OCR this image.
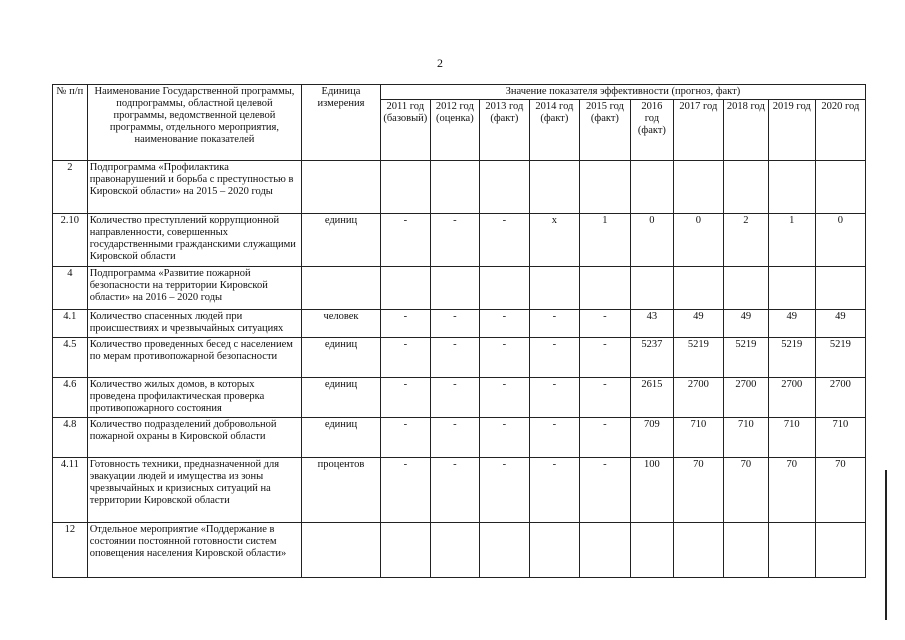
2
№ п/п	Наименование Государственной программы, подпрограммы, областной целевой программы, ведомственной целевой программы, отдельного мероприятия, наименование показателей	Единица измерения	Значение показателя эффективности (прогноз, факт)									
			2011 год (базовый)	2012 год (оценка)	2013 год (факт)	2014 год (факт)	2015 год (факт)	2016 год (факт)	2017 год	2018 год	2019 год	2020 год
2	Подпрограмма «Профилактика правонарушений и борьба с преступностью в Кировской области» на 2015 – 2020 годы											
2.10	Количество преступлений коррупционной направленности, совершенных государственными гражданскими служащими Кировской области	единиц	-	-	-	х	1	0	0	2	1	0
4	Подпрограмма «Развитие пожарной безопасности на территории Кировской области» на 2016 – 2020 годы											
4.1	Количество спасенных людей при происшествиях и чрезвычайных ситуациях	человек	-	-	-	-	-	43	49	49	49	49
4.5	Количество проведенных бесед с населением по мерам противопожарной безопасности	единиц	-	-	-	-	-	5237	5219	5219	5219	5219
4.6	Количество жилых домов, в которых проведена профилактическая проверка противопожарного состояния	единиц	-	-	-	-	-	2615	2700	2700	2700	2700
4.8	Количество подразделений добровольной пожарной охраны в Кировской области	единиц	-	-	-	-	-	709	710	710	710	710
4.11	Готовность техники, предназначенной для эвакуации людей и имущества из зоны чрезвычайных и кризисных ситуаций на территории Кировской области	процентов	-	-	-	-	-	100	70	70	70	70
12	Отдельное мероприятие «Поддержание в состоянии постоянной готовности систем оповещения населения Кировской области»											
